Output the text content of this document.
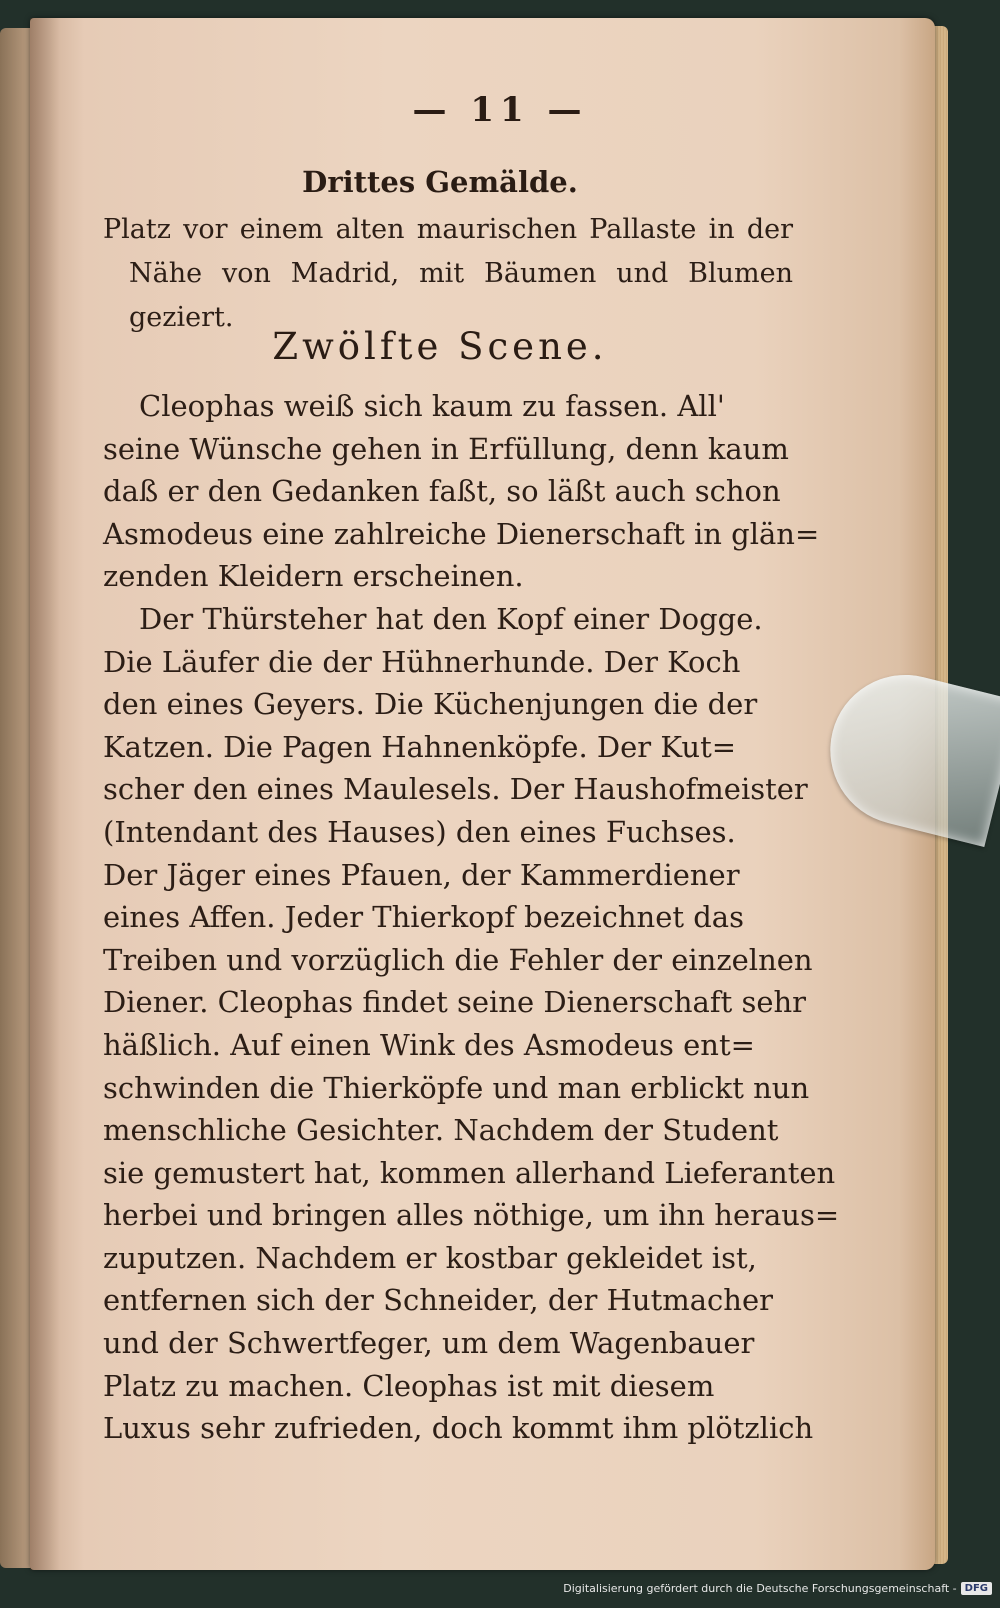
— 11 —
Drittes Gemälde.
Platz vor einem alten maurischen Pallaste in der
Nähe von Madrid, mit Bäumen und Blumen
geziert.
Zwölfte Scene.
Cleophas weiß sich kaum zu fassen. All'
seine Wünsche gehen in Erfüllung, denn kaum
daß er den Gedanken faßt, so läßt auch schon
Asmodeus eine zahlreiche Dienerschaft in glän=
zenden Kleidern erscheinen.
Der Thürsteher hat den Kopf einer Dogge.
Die Läufer die der Hühnerhunde. Der Koch
den eines Geyers. Die Küchenjungen die der
Katzen. Die Pagen Hahnenköpfe. Der Kut=
scher den eines Maulesels. Der Haushofmeister
(Intendant des Hauses) den eines Fuchses.
Der Jäger eines Pfauen, der Kammerdiener
eines Affen. Jeder Thierkopf bezeichnet das
Treiben und vorzüglich die Fehler der einzelnen
Diener. Cleophas findet seine Dienerschaft sehr
häßlich. Auf einen Wink des Asmodeus ent=
schwinden die Thierköpfe und man erblickt nun
menschliche Gesichter. Nachdem der Student
sie gemustert hat, kommen allerhand Lieferanten
herbei und bringen alles nöthige, um ihn heraus=
zuputzen. Nachdem er kostbar gekleidet ist,
entfernen sich der Schneider, der Hutmacher
und der Schwertfeger, um dem Wagenbauer
Platz zu machen. Cleophas ist mit diesem
Luxus sehr zufrieden, doch kommt ihm plötzlich
Digitalisierung gefördert durch die Deutsche Forschungsgemeinschaft - DFG
